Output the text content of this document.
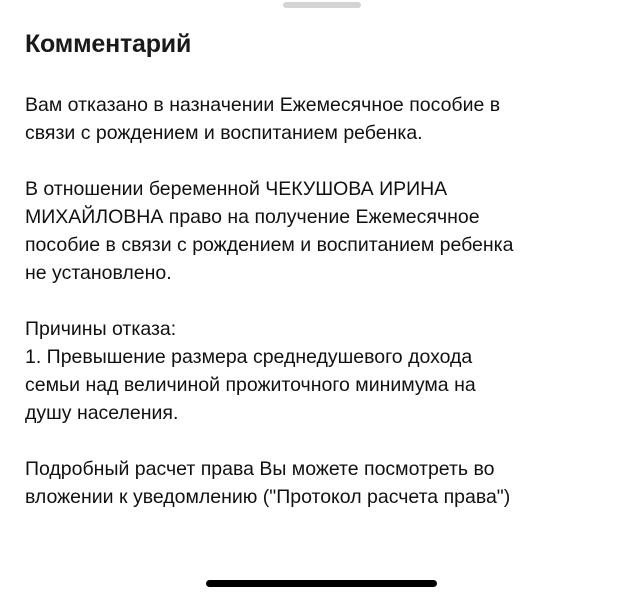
Комментарий

Вам отказано в назначении Ежемесячное пособие в
связи с рождением и воспитанием ребенка.

В отношении беременной ЧЕКУШОВА ИРИНА
МИХАЙЛОВНА право на получение Ежемесячное
пособие в связи с рождением и воспитанием ребенка
не установлено.

Причины отказа:
1. Превышение размера среднедушевого дохода
семьи над величиной прожиточного минимума на
душу населения.

Подробный расчет права Вы можете посмотреть во
вложении к уведомлению ("Протокол расчета права")
